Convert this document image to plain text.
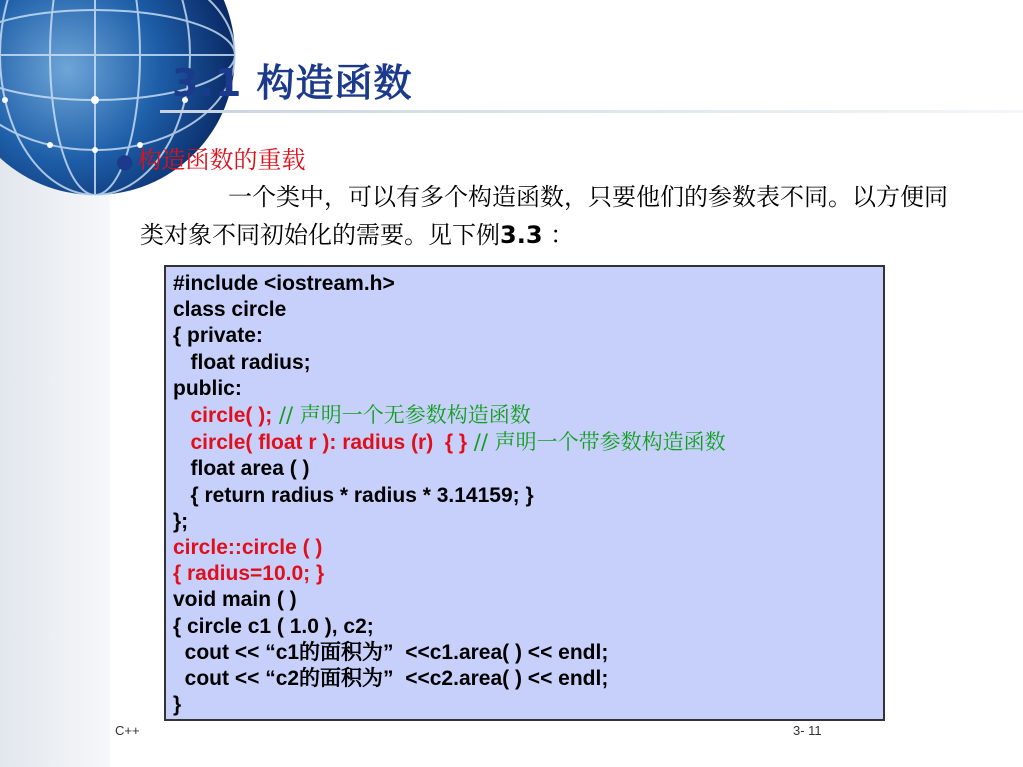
3.1 构造函数
● 构造函数的重载
一个类中，可以有多个构造函数，只要他们的参数表不同。以方便同类对象不同初始化的需要。见下例3.3 ：
#include <iostream.h>
class circle
{ private:
float radius;
public:
circle( ); // 声明一个无参数构造函数
circle( float r ): radius (r)  { } // 声明一个带参数构造函数
float area ( )
{ return radius * radius * 3.14159; }
};
circle::circle ( )
{ radius=10.0; }
void main ( )
{ circle c1 ( 1.0 ), c2;
cout << “c1的面积为”  <<c1.area( ) << endl;
cout << “c2的面积为”  <<c2.area( ) << endl;
}
C++	3- 11
